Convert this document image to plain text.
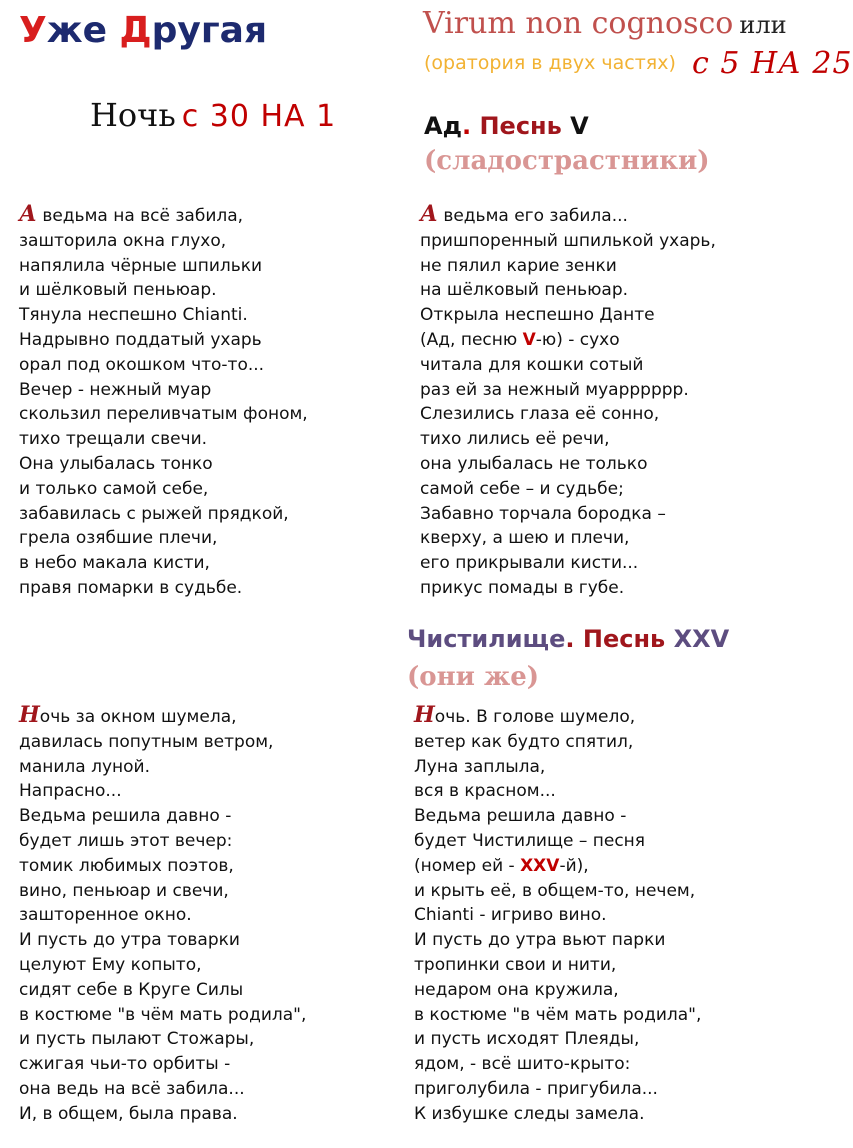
Уже Другая	Virum non cognosco или
(оратория в двух частях) с 5 НА 25
Ночь с 30 НА 1	Ад. Песнь V
(сладострастники)
Чистилище. Песнь XXV
(они же)
А ведьма на всё забила,
зашторила окна глухо,
напялила чёрные шпильки
и шёлковый пеньюар.
Тянула неспешно Chianti.
Надрывно поддатый ухарь
орал под окошком что-то...
Вечер - нежный муар
скользил переливчатым фоном,
тихо трещали свечи.
Она улыбалась тонко
и только самой себе,
забавилась с рыжей прядкой,
грела озябшие плечи,
в небо макала кисти,
правя помарки в судьбе.
А ведьма его забила...
пришпоренный шпилькой ухарь,
не пялил карие зенки
на шёлковый пеньюар.
Открыла неспешно Данте
(Ад, песню V-ю) - сухо
читала для кошки сотый
раз ей за нежный муарррррр.
Слезились глаза её сонно,
тихо лились её речи,
она улыбалась не только
самой себе – и судьбе;
Забавно торчала бородка –
кверху, а шею и плечи,
его прикрывали кисти...
прикус помады в губе.
Ночь за окном шумела,
давилась попутным ветром,
манила луной.
Напрасно...
Ведьма решила давно -
будет лишь этот вечер:
томик любимых поэтов,
вино, пеньюар и свечи,
зашторенное окно.
И пусть до утра товарки
целуют Ему копыто,
сидят себе в Круге Силы
в костюме "в чём мать родила",
и пусть пылают Стожары,
сжигая чьи-то орбиты -
она ведь на всё забила...
И, в общем, была права.
Ночь. В голове шумело,
ветер как будто спятил,
Луна заплыла,
вся в красном...
Ведьма решила давно -
будет Чистилище – песня
(номер ей - XXV-й),
и крыть её, в общем-то, нечем,
Chianti - игриво вино.
И пусть до утра вьют парки
тропинки свои и нити,
недаром она кружила,
в костюме "в чём мать родила",
и пусть исходят Плеяды,
ядом, - всё шито-крыто:
приголубила - пригубила...
К избушке следы замела.
